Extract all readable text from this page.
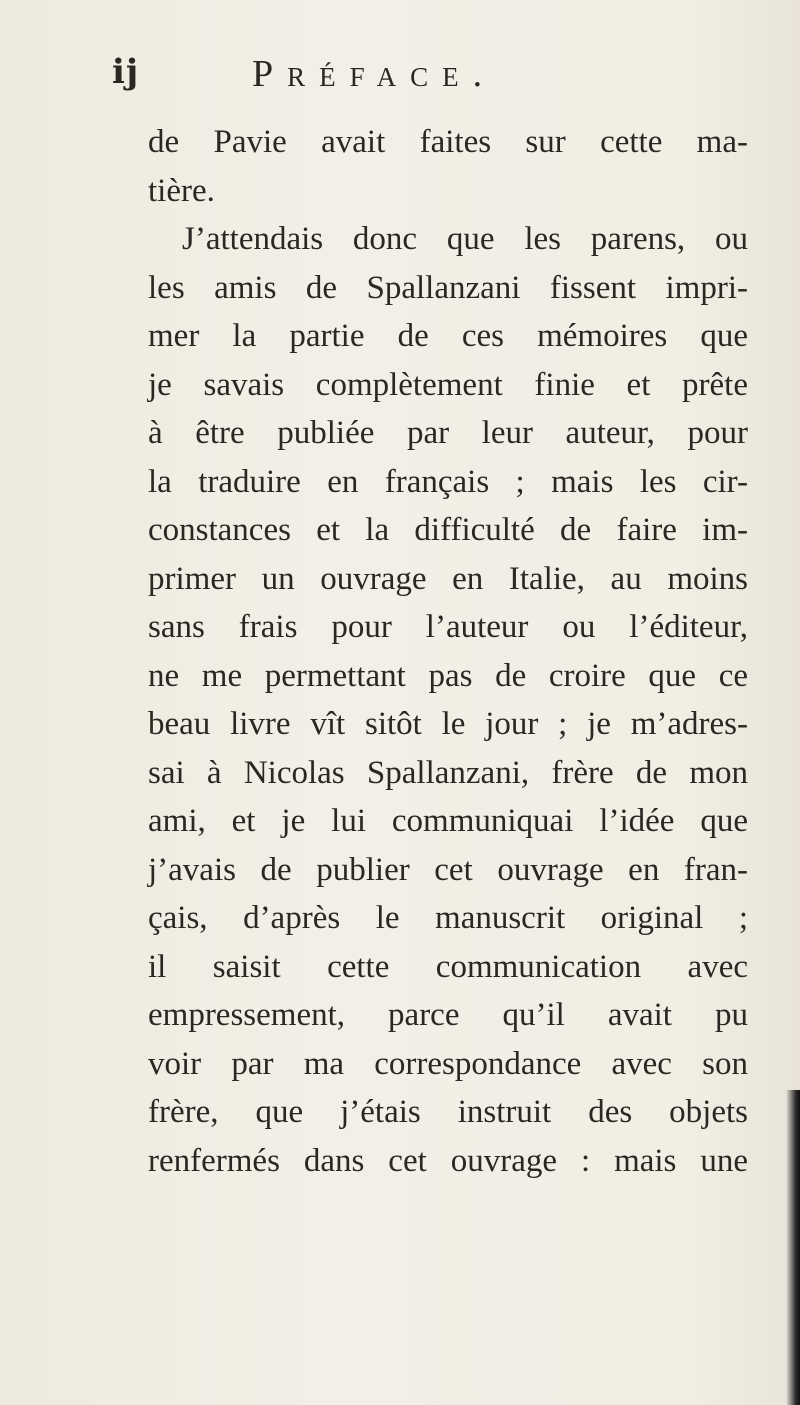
ij	Préface.
de Pavie avait faites sur cette ma-
tière.
J’attendais donc que les parens, ou
les amis de Spallanzani fissent impri-
mer la partie de ces mémoires que
je savais complètement finie et prête
à être publiée par leur auteur, pour
la traduire en français ; mais les cir-
constances et la difficulté de faire im-
primer un ouvrage en Italie, au moins
sans frais pour l’auteur ou l’éditeur,
ne me permettant pas de croire que ce
beau livre vît sitôt le jour ; je m’adres-
sai à Nicolas Spallanzani, frère de mon
ami, et je lui communiquai l’idée que
j’avais de publier cet ouvrage en fran-
çais, d’après le manuscrit original ;
il saisit cette communication avec
empressement, parce qu’il avait pu
voir par ma correspondance avec son
frère, que j’étais instruit des objets
renfermés dans cet ouvrage : mais une
